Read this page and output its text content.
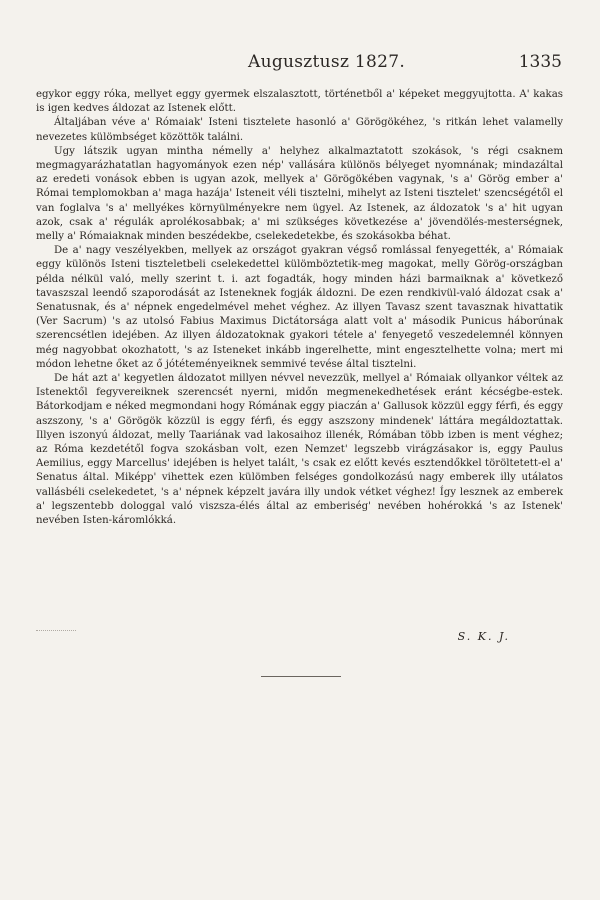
Augusztusz 1827.	1335

egykor eggy róka, mellyet eggy gyermek elszalasztott, történetből a' képeket meggyujtotta. A' kakas is igen kedves áldozat az Istenek előtt.

Általjában véve a' Rómaiak' Isteni tisztelete hasonló a' Görögökéhez, 's ritkán lehet valamelly nevezetes külömbséget közöttök találni.

Ugy látszik ugyan mintha némelly a' helyhez alkalmaztatott szokások, 's régi csaknem megmagyarázhatatlan hagyományok ezen nép' vallására különös bélyeget nyomnának; mindazáltal az eredeti vonások ebben is ugyan azok, mellyek a' Görögökében vagynak, 's a' Görög ember a' Római templomokban a' maga hazája' Isteneit véli tisztelni, mihelyt az Isteni tisztelet' szencségétől el van foglalva 's a' mellyékes környülményekre nem ügyel. Az Istenek, az áldozatok 's a' hit ugyan azok, csak a' régulák aprolékosabbak; a' mi szükséges következése a' jövendölés-mesterségnek, melly a' Rómaiaknak minden beszédekbe, cselekedetekbe, és szokásokba béhat.

De a' nagy veszélyekben, mellyek az országot gyakran végső romlással fenyegették, a' Rómaiak eggy különös Isteni tiszteletbeli cselekedettel külömböztetik-meg magokat, melly Görög-országban példa nélkül való, melly szerint t. i. azt fogadták, hogy minden házi barmaiknak a' következő tavaszszal leendő szaporodását az Isteneknek fogják áldozni. De ezen rendkivül-való áldozat csak a' Senatusnak, és a' népnek engedelmével mehet véghez. Az illyen Tavasz szent tavasznak hivattatik (Ver Sacrum) 's az utolsó Fabius Maximus Dictátorsága alatt volt a' második Punicus háborúnak szerencsétlen idejében. Az illyen áldozatoknak gyakori tétele a' fenyegető veszedelemnél könnyen még nagyobbat okozhatott, 's az Isteneket inkább ingerelhette, mint engesztelhette volna; mert mi módon lehetne őket az ő jótéteményeiknek semmivé tevése által tisztelni.

De hát azt a' kegyetlen áldozatot millyen névvel nevezzük, mellyel a' Rómaiak ollyankor véltek az Istenektől fegyvereiknek szerencsét nyerni, midőn megmenekedhetések eránt kécségbe-estek. Bátorkodjam e néked megmondani hogy Rómának eggy piaczán a' Gallusok közzül eggy férfi, és eggy aszszony, 's a' Görögök közzül is eggy férfi, és eggy aszszony mindenek' láttára megáldoztattak. Illyen iszonyú áldozat, melly Taariának vad lakosaihoz illenék, Rómában több izben is ment véghez; az Róma kezdetétől fogva szokásban volt, ezen Nemzet' legszebb virágzásakor is, eggy Paulus Aemilius, eggy Marcellus' idejében is helyet talált, 's csak ez előtt kevés esztendőkkel töröltetett-el a' Senatus által. Miképp' vihettek ezen külömben felséges gondolkozású nagy emberek illy utálatos vallásbéli cselekedetet, 's a' népnek képzelt javára illy undok vétket véghez! Így lesznek az emberek a' legszentebb dologgal való viszsza-élés által az emberiség' nevében hohérokká 's az Istenek' nevében Isten-káromlókká.

S. K. J.
